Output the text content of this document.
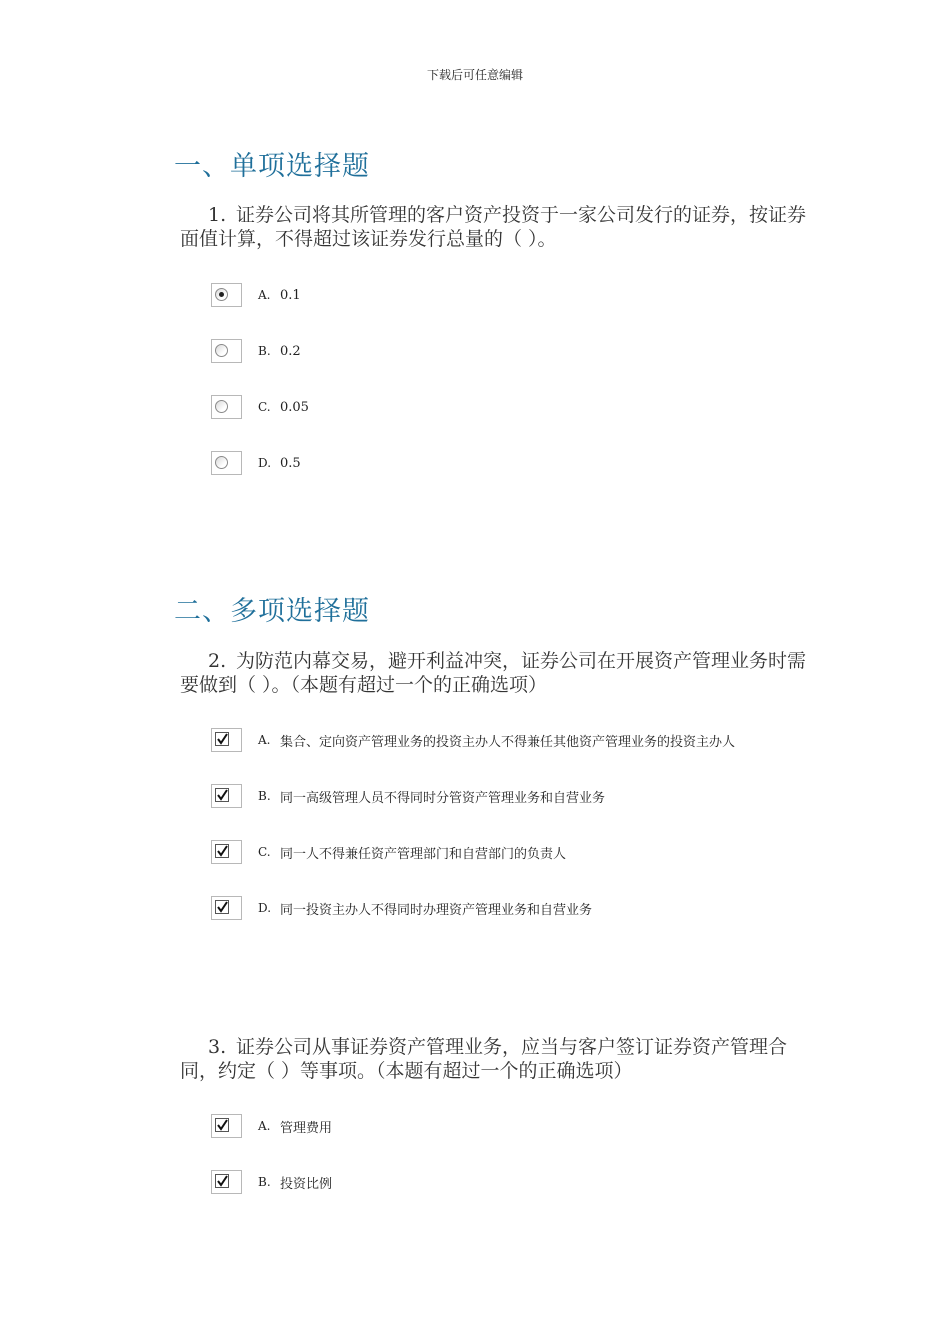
下载后可任意编辑
一、单项选择题
1. 证券公司将其所管理的客户资产投资于一家公司发行的证券，按证券面值计算，不得超过该证券发行总量的（ ）。
A. 0.1
B. 0.2
C. 0.05
D. 0.5
二、多项选择题
2. 为防范内幕交易，避开利益冲突，证券公司在开展资产管理业务时需要做到（ ）。（本题有超过一个的正确选项）
A. 集合、定向资产管理业务的投资主办人不得兼任其他资产管理业务的投资主办人
B. 同一高级管理人员不得同时分管资产管理业务和自营业务
C. 同一人不得兼任资产管理部门和自营部门的负责人
D. 同一投资主办人不得同时办理资产管理业务和自营业务
3. 证券公司从事证券资产管理业务，应当与客户签订证券资产管理合同，约定（ ）等事项。（本题有超过一个的正确选项）
A. 管理费用
B. 投资比例
